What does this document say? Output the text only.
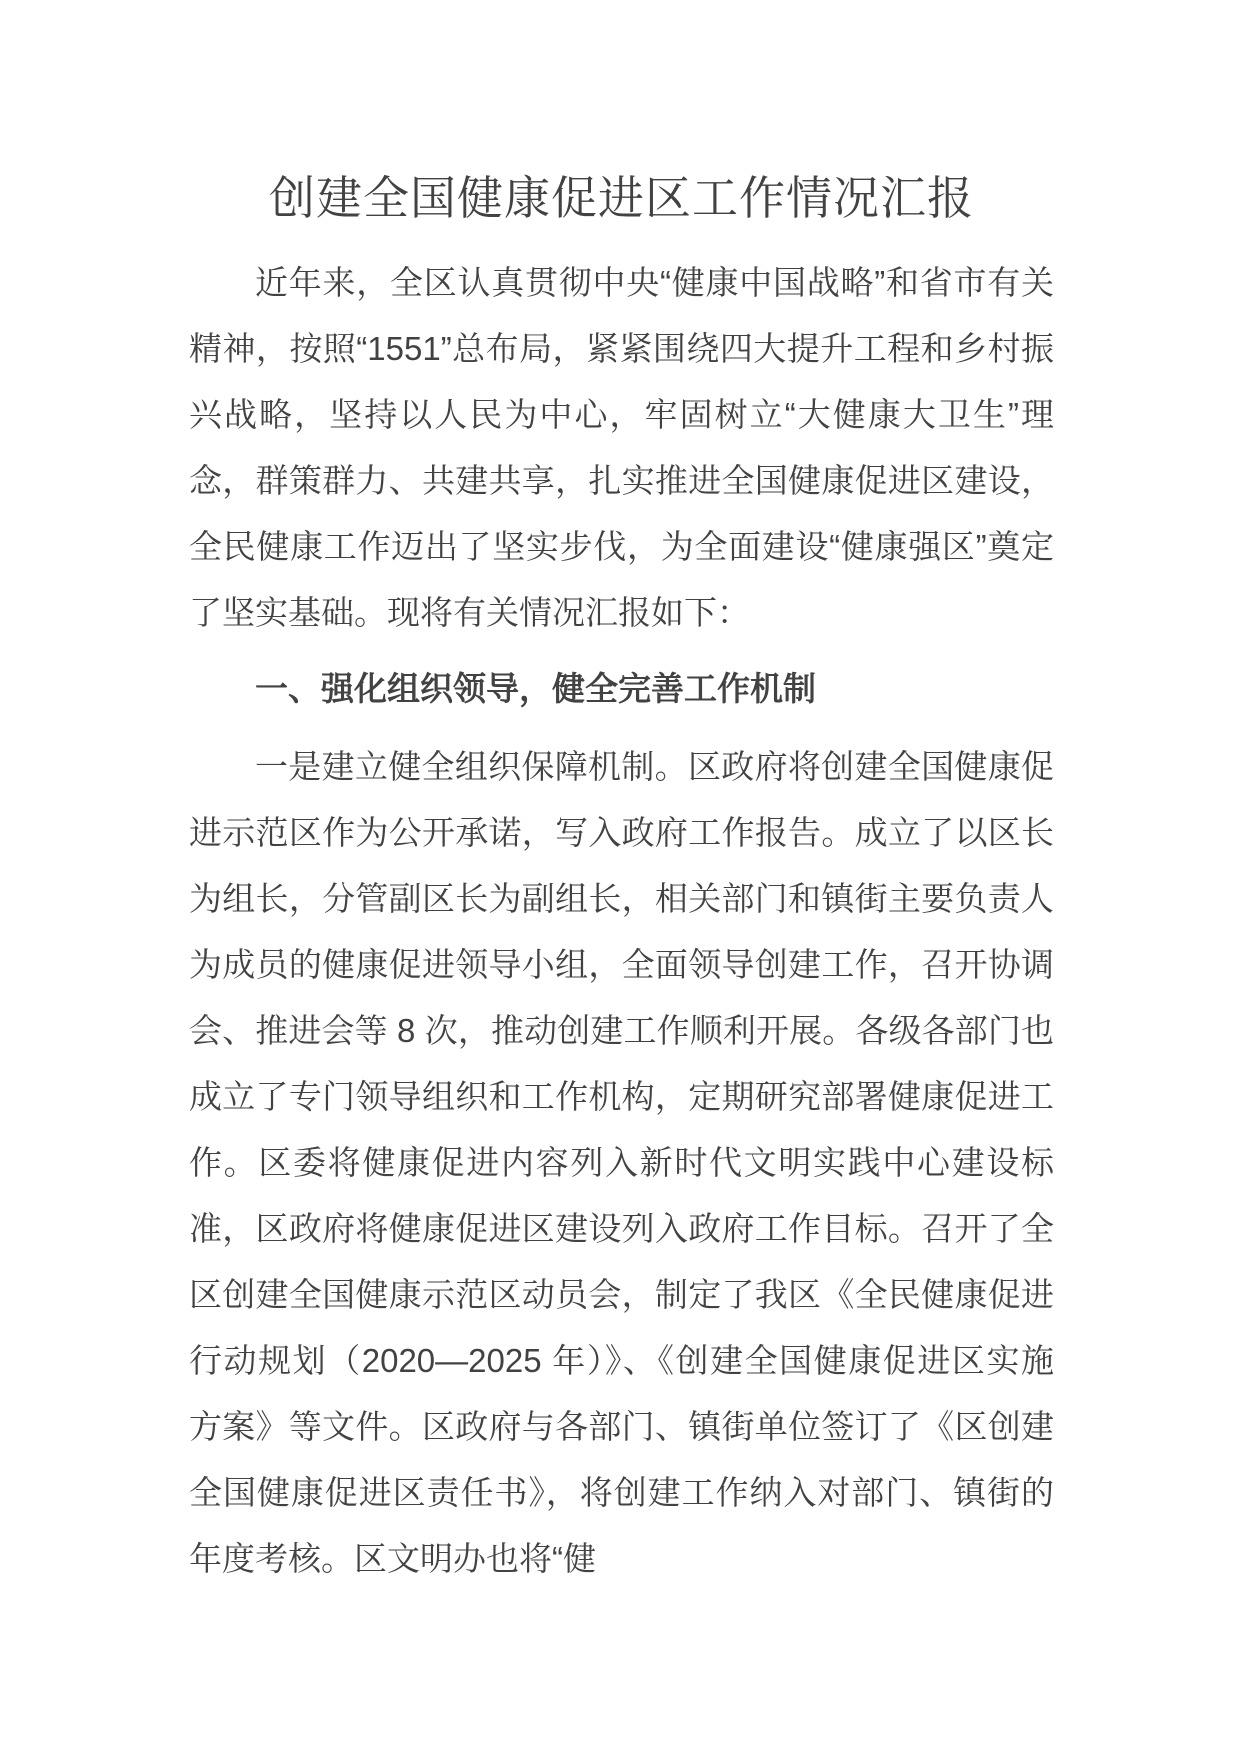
创建全国健康促进区工作情况汇报

近年来，全区认真贯彻中央“健康中国战略”和省市有关精神，按照“1551”总布局，紧紧围绕四大提升工程和乡村振兴战略，坚持以人民为中心，牢固树立“大健康大卫生”理念，群策群力、共建共享，扎实推进全国健康促进区建设，全民健康工作迈出了坚实步伐，为全面建设“健康强区”奠定了坚实基础。现将有关情况汇报如下：

一、强化组织领导，健全完善工作机制

一是建立健全组织保障机制。区政府将创建全国健康促进示范区作为公开承诺，写入政府工作报告。成立了以区长为组长，分管副区长为副组长，相关部门和镇街主要负责人为成员的健康促进领导小组，全面领导创建工作，召开协调会、推进会等 8 次，推动创建工作顺利开展。各级各部门也成立了专门领导组织和工作机构，定期研究部署健康促进工作。区委将健康促进内容列入新时代文明实践中心建设标准，区政府将健康促进区建设列入政府工作目标。召开了全区创建全国健康示范区动员会，制定了我区《全民健康促进行动规划（2020—2025 年）》、《创建全国健康促进区实施方案》等文件。区政府与各部门、镇街单位签订了《区创建全国健康促进区责任书》，将创建工作纳入对部门、镇街的年度考核。区文明办也将“健
